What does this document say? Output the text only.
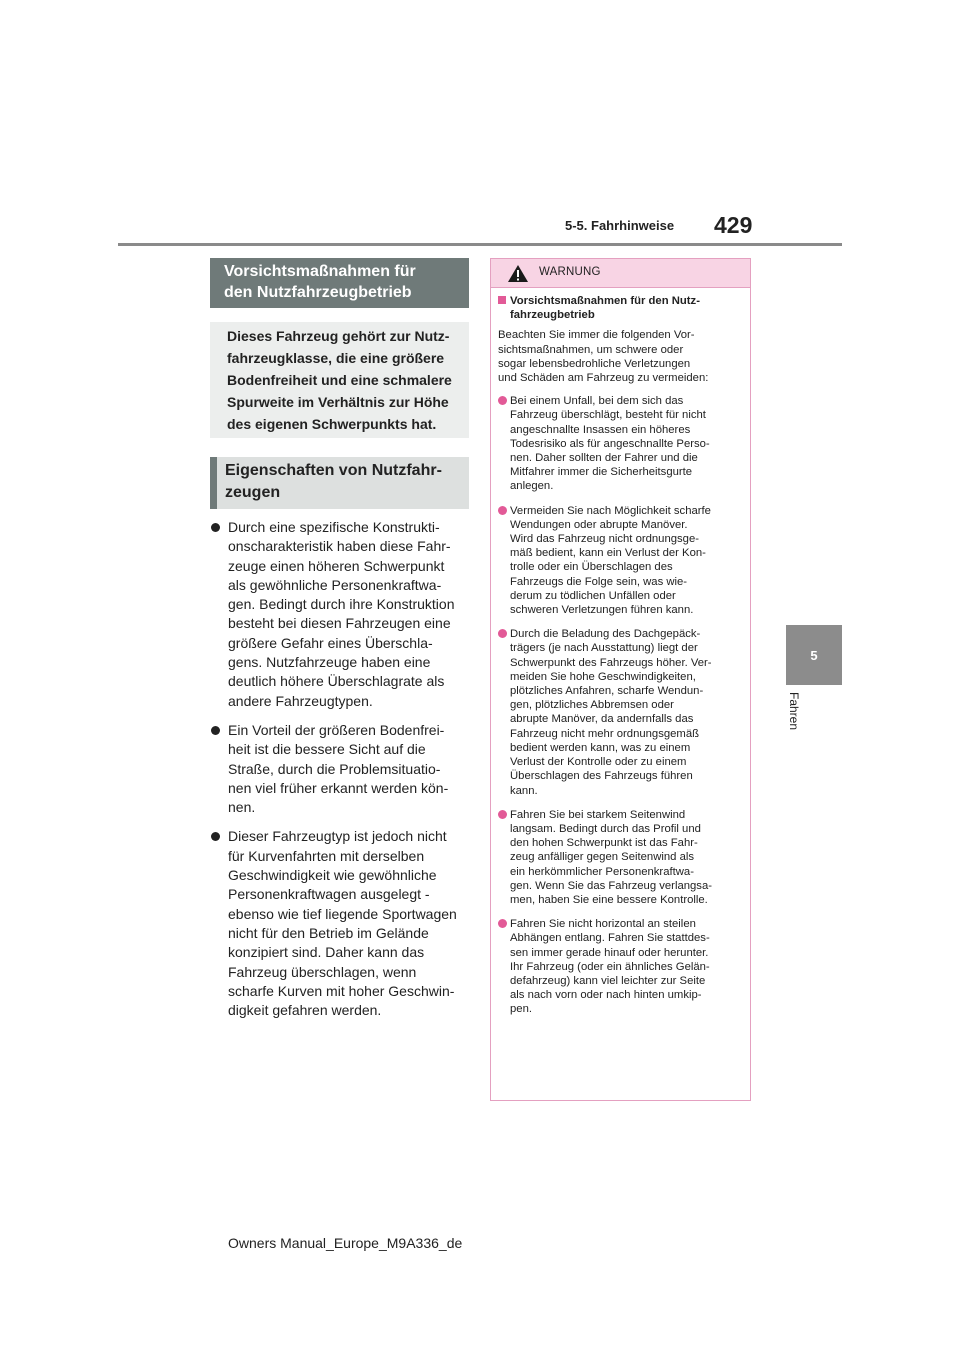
5-5. Fahrhinweise 429
5
Fahren
Vorsichtsmaßnahmen für
den Nutzfahrzeugbetrieb
Dieses Fahrzeug gehört zur Nutz-
fahrzeugklasse, die eine größere
Bodenfreiheit und eine schmalere
Spurweite im Verhältnis zur Höhe
des eigenen Schwerpunkts hat.
Eigenschaften von Nutzfahr-
zeugen
Durch eine spezifische Konstrukti-
onscharakteristik haben diese Fahr-
zeuge einen höheren Schwerpunkt
als gewöhnliche Personenkraftwa-
gen. Bedingt durch ihre Konstruktion
besteht bei diesen Fahrzeugen eine
größere Gefahr eines Überschla-
gens. Nutzfahrzeuge haben eine
deutlich höhere Überschlagrate als
andere Fahrzeugtypen.
Ein Vorteil der größeren Bodenfrei-
heit ist die bessere Sicht auf die
Straße, durch die Problemsituatio-
nen viel früher erkannt werden kön-
nen.
Dieser Fahrzeugtyp ist jedoch nicht
für Kurvenfahrten mit derselben
Geschwindigkeit wie gewöhnliche
Personenkraftwagen ausgelegt -
ebenso wie tief liegende Sportwagen
nicht für den Betrieb im Gelände
konzipiert sind. Daher kann das
Fahrzeug überschlagen, wenn
scharfe Kurven mit hoher Geschwin-
digkeit gefahren werden.
WARNUNG
Vorsichtsmaßnahmen für den Nutz-
fahrzeugbetrieb
Beachten Sie immer die folgenden Vor-
sichtsmaßnahmen, um schwere oder
sogar lebensbedrohliche Verletzungen
und Schäden am Fahrzeug zu vermeiden:
Bei einem Unfall, bei dem sich das
Fahrzeug überschlägt, besteht für nicht
angeschnallte Insassen ein höheres
Todesrisiko als für angeschnallte Perso-
nen. Daher sollten der Fahrer und die
Mitfahrer immer die Sicherheitsgurte
anlegen.
Vermeiden Sie nach Möglichkeit scharfe
Wendungen oder abrupte Manöver.
Wird das Fahrzeug nicht ordnungsge-
mäß bedient, kann ein Verlust der Kon-
trolle oder ein Überschlagen des
Fahrzeugs die Folge sein, was wie-
derum zu tödlichen Unfällen oder
schweren Verletzungen führen kann.
Durch die Beladung des Dachgepäck-
trägers (je nach Ausstattung) liegt der
Schwerpunkt des Fahrzeugs höher. Ver-
meiden Sie hohe Geschwindigkeiten,
plötzliches Anfahren, scharfe Wendun-
gen, plötzliches Abbremsen oder
abrupte Manöver, da andernfalls das
Fahrzeug nicht mehr ordnungsgemäß
bedient werden kann, was zu einem
Verlust der Kontrolle oder zu einem
Überschlagen des Fahrzeugs führen
kann.
Fahren Sie bei starkem Seitenwind
langsam. Bedingt durch das Profil und
den hohen Schwerpunkt ist das Fahr-
zeug anfälliger gegen Seitenwind als
ein herkömmlicher Personenkraftwa-
gen. Wenn Sie das Fahrzeug verlangsa-
men, haben Sie eine bessere Kontrolle.
Fahren Sie nicht horizontal an steilen
Abhängen entlang. Fahren Sie stattdes-
sen immer gerade hinauf oder herunter.
Ihr Fahrzeug (oder ein ähnliches Gelän-
defahrzeug) kann viel leichter zur Seite
als nach vorn oder nach hinten umkip-
pen.
Owners Manual_Europe_M9A336_de
